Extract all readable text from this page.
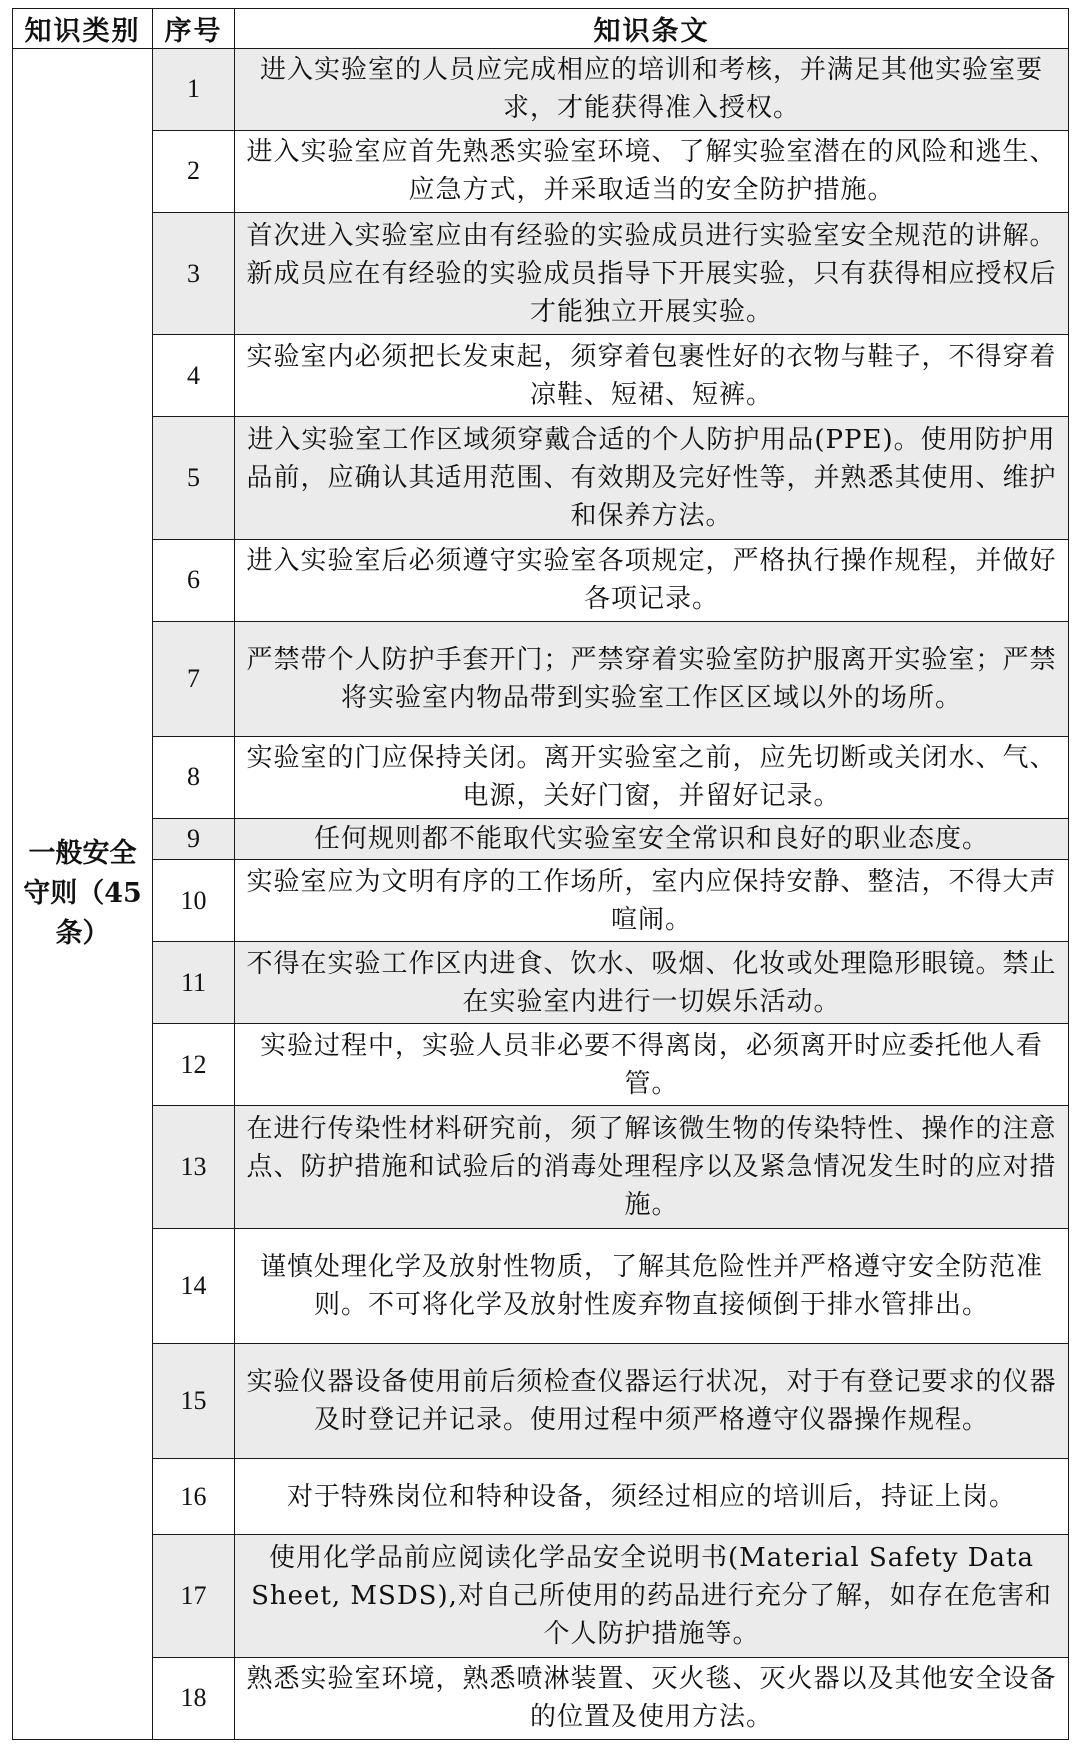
知识类别	序号	知识条文
一般安全守则（45条）	1	进入实验室的人员应完成相应的培训和考核，并满足其他实验室要求，才能获得准入授权。
	2	进入实验室应首先熟悉实验室环境、了解实验室潜在的风险和逃生、应急方式，并采取适当的安全防护措施。
	3	首次进入实验室应由有经验的实验成员进行实验室安全规范的讲解。新成员应在有经验的实验成员指导下开展实验，只有获得相应授权后才能独立开展实验。
	4	实验室内必须把长发束起，须穿着包裹性好的衣物与鞋子，不得穿着凉鞋、短裙、短裤。
	5	进入实验室工作区域须穿戴合适的个人防护用品(PPE)。使用防护用品前，应确认其适用范围、有效期及完好性等，并熟悉其使用、维护和保养方法。
	6	进入实验室后必须遵守实验室各项规定，严格执行操作规程，并做好各项记录。
	7	严禁带个人防护手套开门；严禁穿着实验室防护服离开实验室；严禁将实验室内物品带到实验室工作区区域以外的场所。
	8	实验室的门应保持关闭。离开实验室之前，应先切断或关闭水、气、电源，关好门窗，并留好记录。
	9	任何规则都不能取代实验室安全常识和良好的职业态度。
	10	实验室应为文明有序的工作场所，室内应保持安静、整洁，不得大声喧闹。
	11	不得在实验工作区内进食、饮水、吸烟、化妆或处理隐形眼镜。禁止在实验室内进行一切娱乐活动。
	12	实验过程中，实验人员非必要不得离岗，必须离开时应委托他人看管。
	13	在进行传染性材料研究前，须了解该微生物的传染特性、操作的注意点、防护措施和试验后的消毒处理程序以及紧急情况发生时的应对措施。
	14	谨慎处理化学及放射性物质，了解其危险性并严格遵守安全防范准则。不可将化学及放射性废弃物直接倾倒于排水管排出。
	15	实验仪器设备使用前后须检查仪器运行状况，对于有登记要求的仪器及时登记并记录。使用过程中须严格遵守仪器操作规程。
	16	对于特殊岗位和特种设备，须经过相应的培训后，持证上岗。
	17	使用化学品前应阅读化学品安全说明书(Material Safety Data Sheet, MSDS),对自己所使用的药品进行充分了解，如存在危害和个人防护措施等。
	18	熟悉实验室环境，熟悉喷淋装置、灭火毯、灭火器以及其他安全设备的位置及使用方法。
